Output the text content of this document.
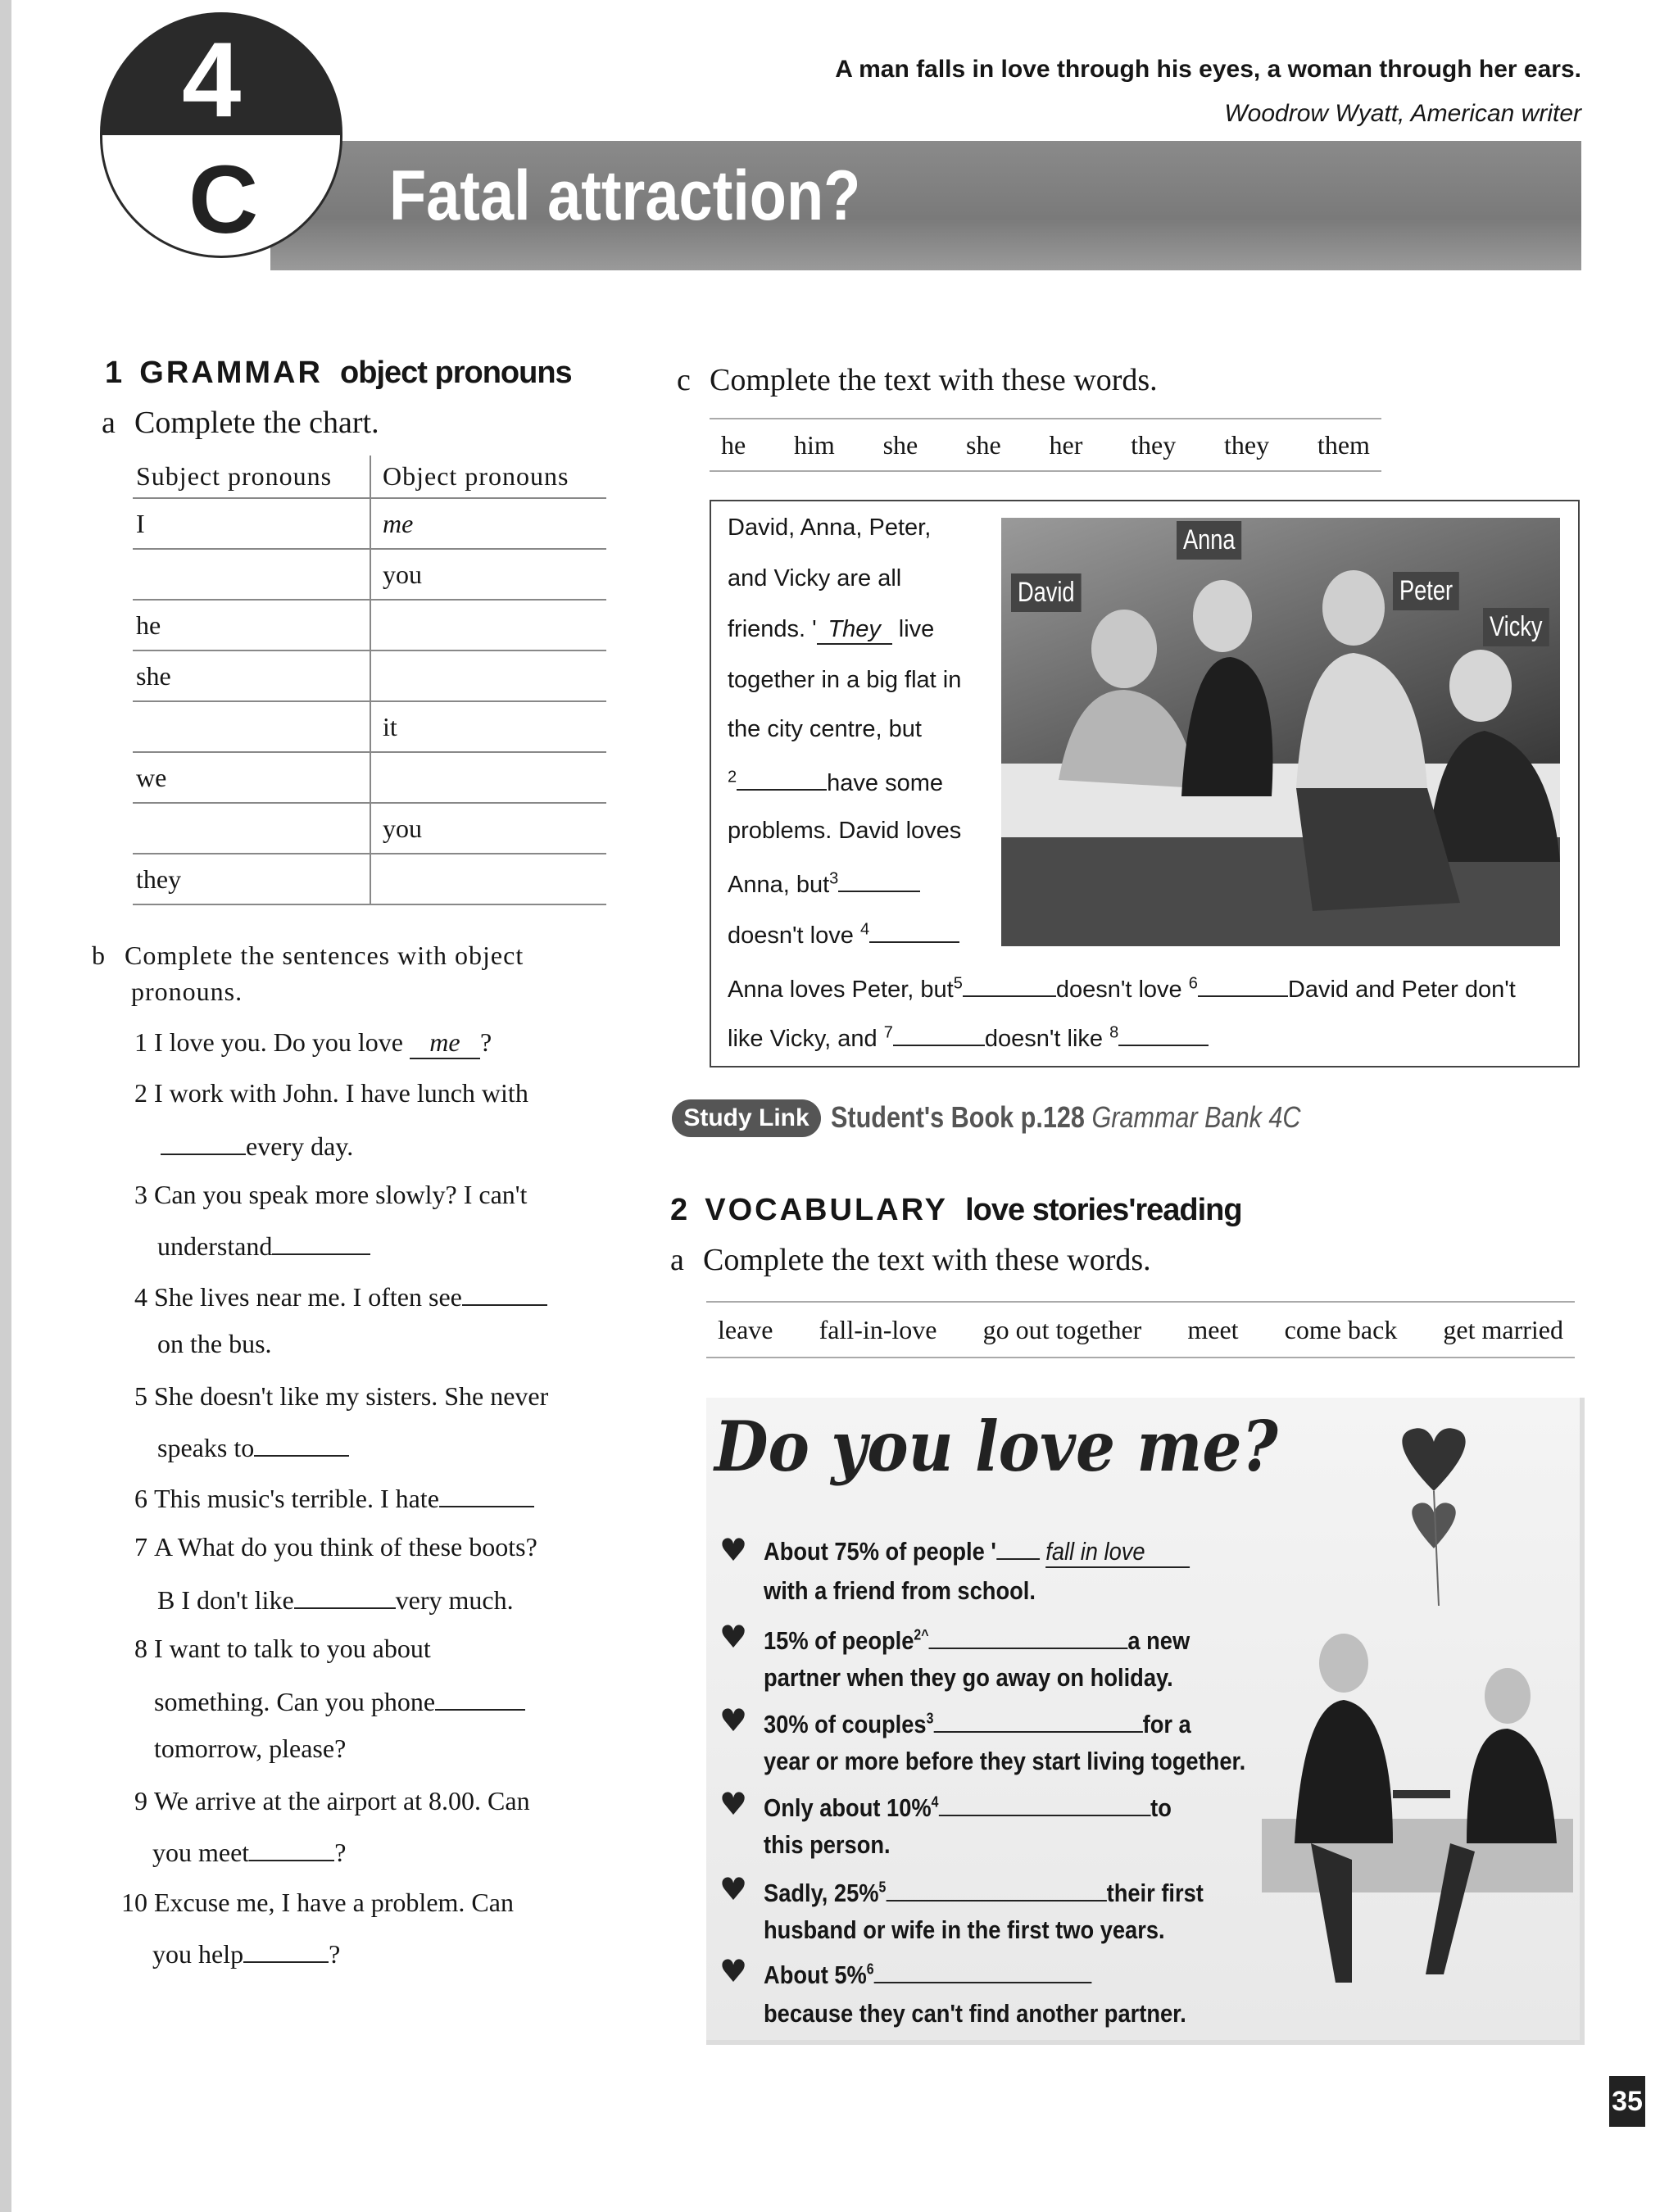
4
C Fatal attraction?
A man falls in love through his eyes, a woman through her ears.
Woodrow Wyatt, American writer
1 GRAMMAR object pronouns
a Complete the chart.
Subject pronouns	Object pronouns
I	me
	you
he	
she	
	it
we	
	you
they	
b Complete the sentences with object
pronouns.
1 I love you. Do you love me ?
2 I work with John. I have lunch with
every day.
3 Can you speak more slowly? I can't
understand
4 She lives near me. I often see
on the bus.
5 She doesn't like my sisters. She never
speaks to
6 This music's terrible. I hate
7 A What do you think of these boots?
B I don't like	very much.
8 I want to talk to you about
something. Can you phone
tomorrow, please?
9 We arrive at the airport at 8.00. Can
you meet	?
10 Excuse me, I have a problem. Can
you help	?
c Complete the text with these words.
he him she she her they they them
David
Anna
Peter
Vicky
David, Anna, Peter,
and Vicky are all
friends. ' They live
together in a big flat in
the city centre, but
$^2$	have some
problems. David loves
Anna, but$^3$
doesn't love $^4$
Anna loves Peter, but$^5$	doesn't love $^6$	David and Peter don't
like Vicky, and $^7$	doesn't like $^8$
Study Link Student's Book p.128 Grammar Bank 4C
2 VOCABULARY love stories'reading
a Complete the text with these words.
leave fall-in-love go out together meet come back get married
Do you love me?
♥ About 75% of people ' fall in love
with a friend from school.
♥ 15% of people$^{2\^{}}$	a new
partner when they go away on holiday.
♥ 30% of couples$^3$	for a
year or more before they start living together.
♥ Only about 10%$^4$	to
this person.
♥ Sadly, 25%$^5$	their first
husband or wife in the first two years.
♥ About 5%$^6$
because they can't find another partner.
35
